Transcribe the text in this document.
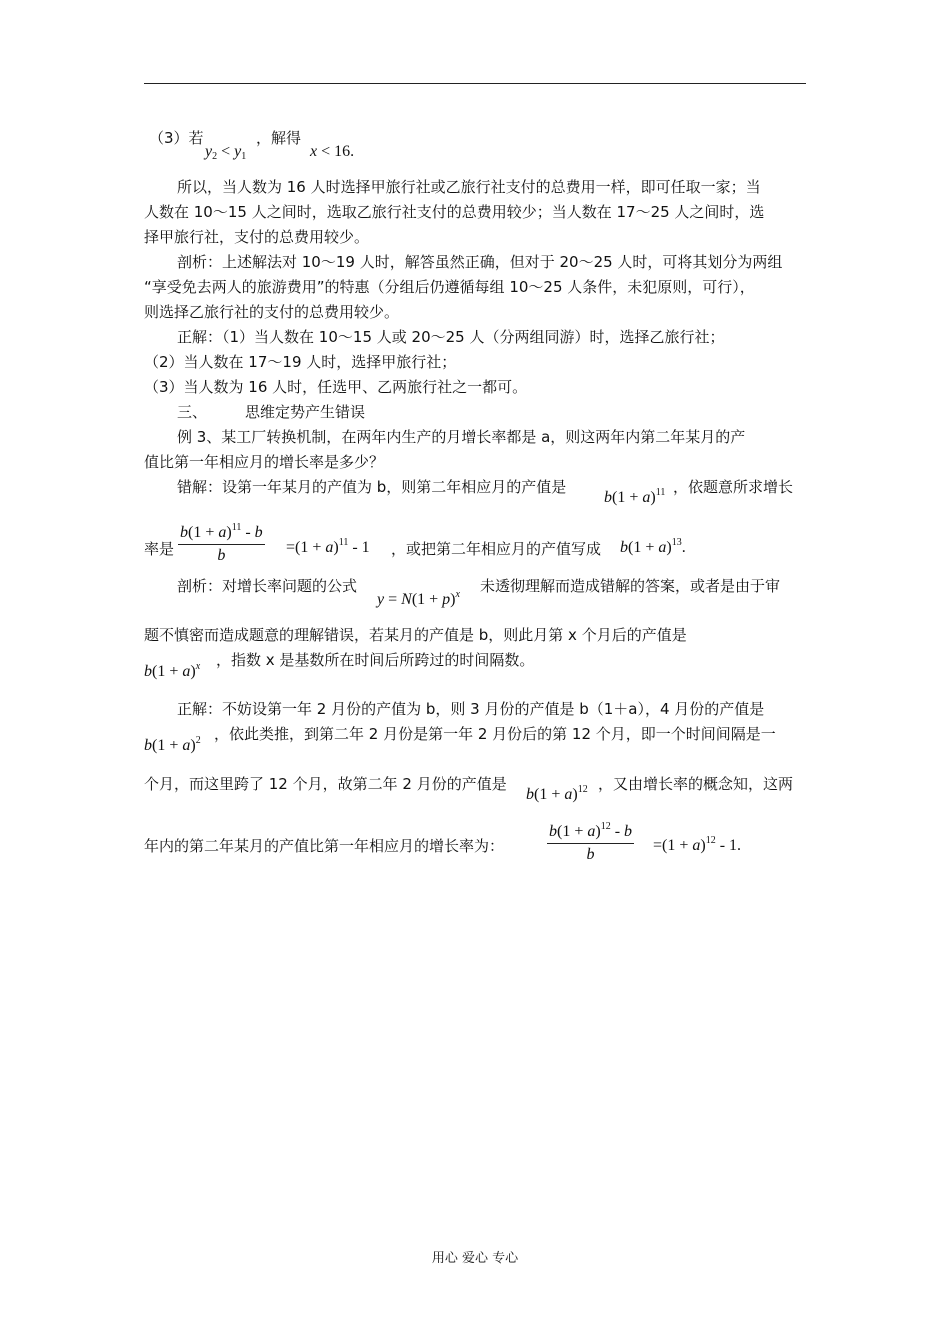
（3）若
$y_2 < y_1$
，解得
x < 16.
所以，当人数为 16 人时选择甲旅行社或乙旅行社支付的总费用一样，即可任取一家；当
人数在 10～15 人之间时，选取乙旅行社支付的总费用较少；当人数在 17～25 人之间时，选
择甲旅行社，支付的总费用较少。
剖析：上述解法对 10～19 人时，解答虽然正确，但对于 20～25 人时，可将其划分为两组
“享受免去两人的旅游费用”的特惠（分组后仍遵循每组 10～25 人条件，未犯原则，可行），
则选择乙旅行社的支付的总费用较少。
正解：（1）当人数在 10～15 人或 20～25 人（分两组同游）时，选择乙旅行社；
（2）当人数在 17～19 人时，选择甲旅行社；
（3）当人数为 16 人时，任选甲、乙两旅行社之一都可。
三、	思维定势产生错误
例 3、某工厂转换机制，在两年内生产的月增长率都是 a，则这两年内第二年某月的产
值比第一年相应月的增长率是多少？
错解：设第一年某月的产值为 b，则第二年相应月的产值是
$b(1 + a)^{11}$ ，依题意所求增长
率是 $\frac{b(1 + a)^{11} - b}{b} =(1 + a)^{11} - 1$ ，或把第二年相应月的产值写成 $b(1 + a)^{13}$.
剖析：对增长率问题的公式
$y = N(1 + p)^x$ 未透彻理解而造成错解的答案，或者是由于审
题不慎密而造成题意的理解错误，若某月的产值是 b，则此月第 x 个月后的产值是
$b(1 + a)^x$ ，指数 x 是基数所在时间后所跨过的时间隔数。
正解：不妨设第一年 2 月份的产值为 b，则 3 月份的产值是 b（1＋a），4 月份的产值是
$b(1 + a)^2$ ，依此类推，到第二年 2 月份是第一年 2 月份后的第 12 个月，即一个时间间隔是一
个月，而这里跨了 12 个月，故第二年 2 月份的产值是
$b(1 + a)^{12}$ ，又由增长率的概念知，这两
年内的第二年某月的产值比第一年相应月的增长率为：	$\frac{b(1 + a)^{12} - b}{b} =(1 + a)^{12} - 1$.
用心 爱心 专心
